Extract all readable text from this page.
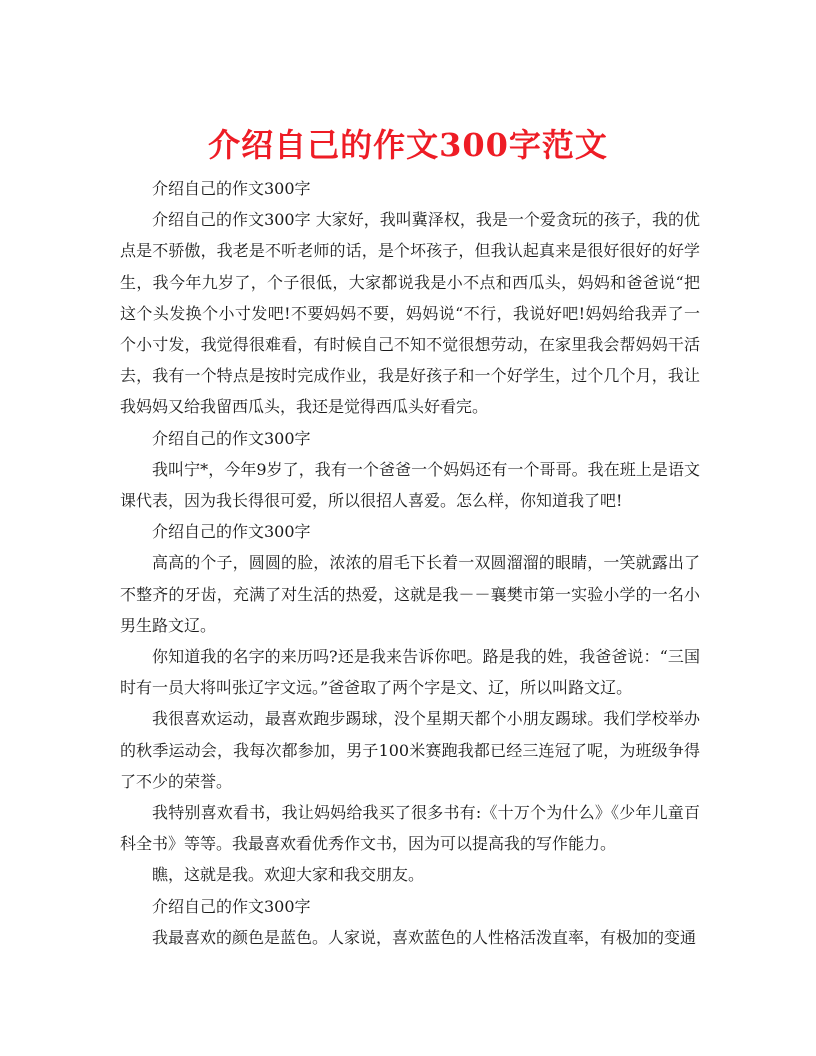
介绍自己的作文300字范文

介绍自己的作文300字

介绍自己的作文300字 大家好，我叫冀泽权，我是一个爱贪玩的孩子，我的优点是不骄傲，我老是不听老师的话，是个坏孩子，但我认起真来是很好很好的好学生，我今年九岁了，个子很低，大家都说我是小不点和西瓜头，妈妈和爸爸说“把这个头发换个小寸发吧!不要妈妈不要，妈妈说“不行，我说好吧!妈妈给我弄了一个小寸发，我觉得很难看，有时候自己不知不觉很想劳动，在家里我会帮妈妈干活去，我有一个特点是按时完成作业，我是好孩子和一个好学生，过个几个月，我让我妈妈又给我留西瓜头，我还是觉得西瓜头好看完。

介绍自己的作文300字

我叫宁*，今年9岁了，我有一个爸爸一个妈妈还有一个哥哥。我在班上是语文课代表，因为我长得很可爱，所以很招人喜爱。怎么样，你知道我了吧!

介绍自己的作文300字

高高的个子，圆圆的脸，浓浓的眉毛下长着一双圆溜溜的眼睛，一笑就露出了不整齐的牙齿，充满了对生活的热爱，这就是我－－襄樊市第一实验小学的一名小男生路文辽。

你知道我的名字的来历吗?还是我来告诉你吧。路是我的姓，我爸爸说：“三国时有一员大将叫张辽字文远。”爸爸取了两个字是文、辽，所以叫路文辽。

我很喜欢运动，最喜欢跑步踢球，没个星期天都个小朋友踢球。我们学校举办的秋季运动会，我每次都参加，男子100米赛跑我都已经三连冠了呢，为班级争得了不少的荣誉。

我特别喜欢看书，我让妈妈给我买了很多书有:《十万个为什么》《少年儿童百科全书》等等。我最喜欢看优秀作文书，因为可以提高我的写作能力。

瞧，这就是我。欢迎大家和我交朋友。

介绍自己的作文300字

我最喜欢的颜色是蓝色。人家说，喜欢蓝色的人性格活泼直率，有极加的变通
